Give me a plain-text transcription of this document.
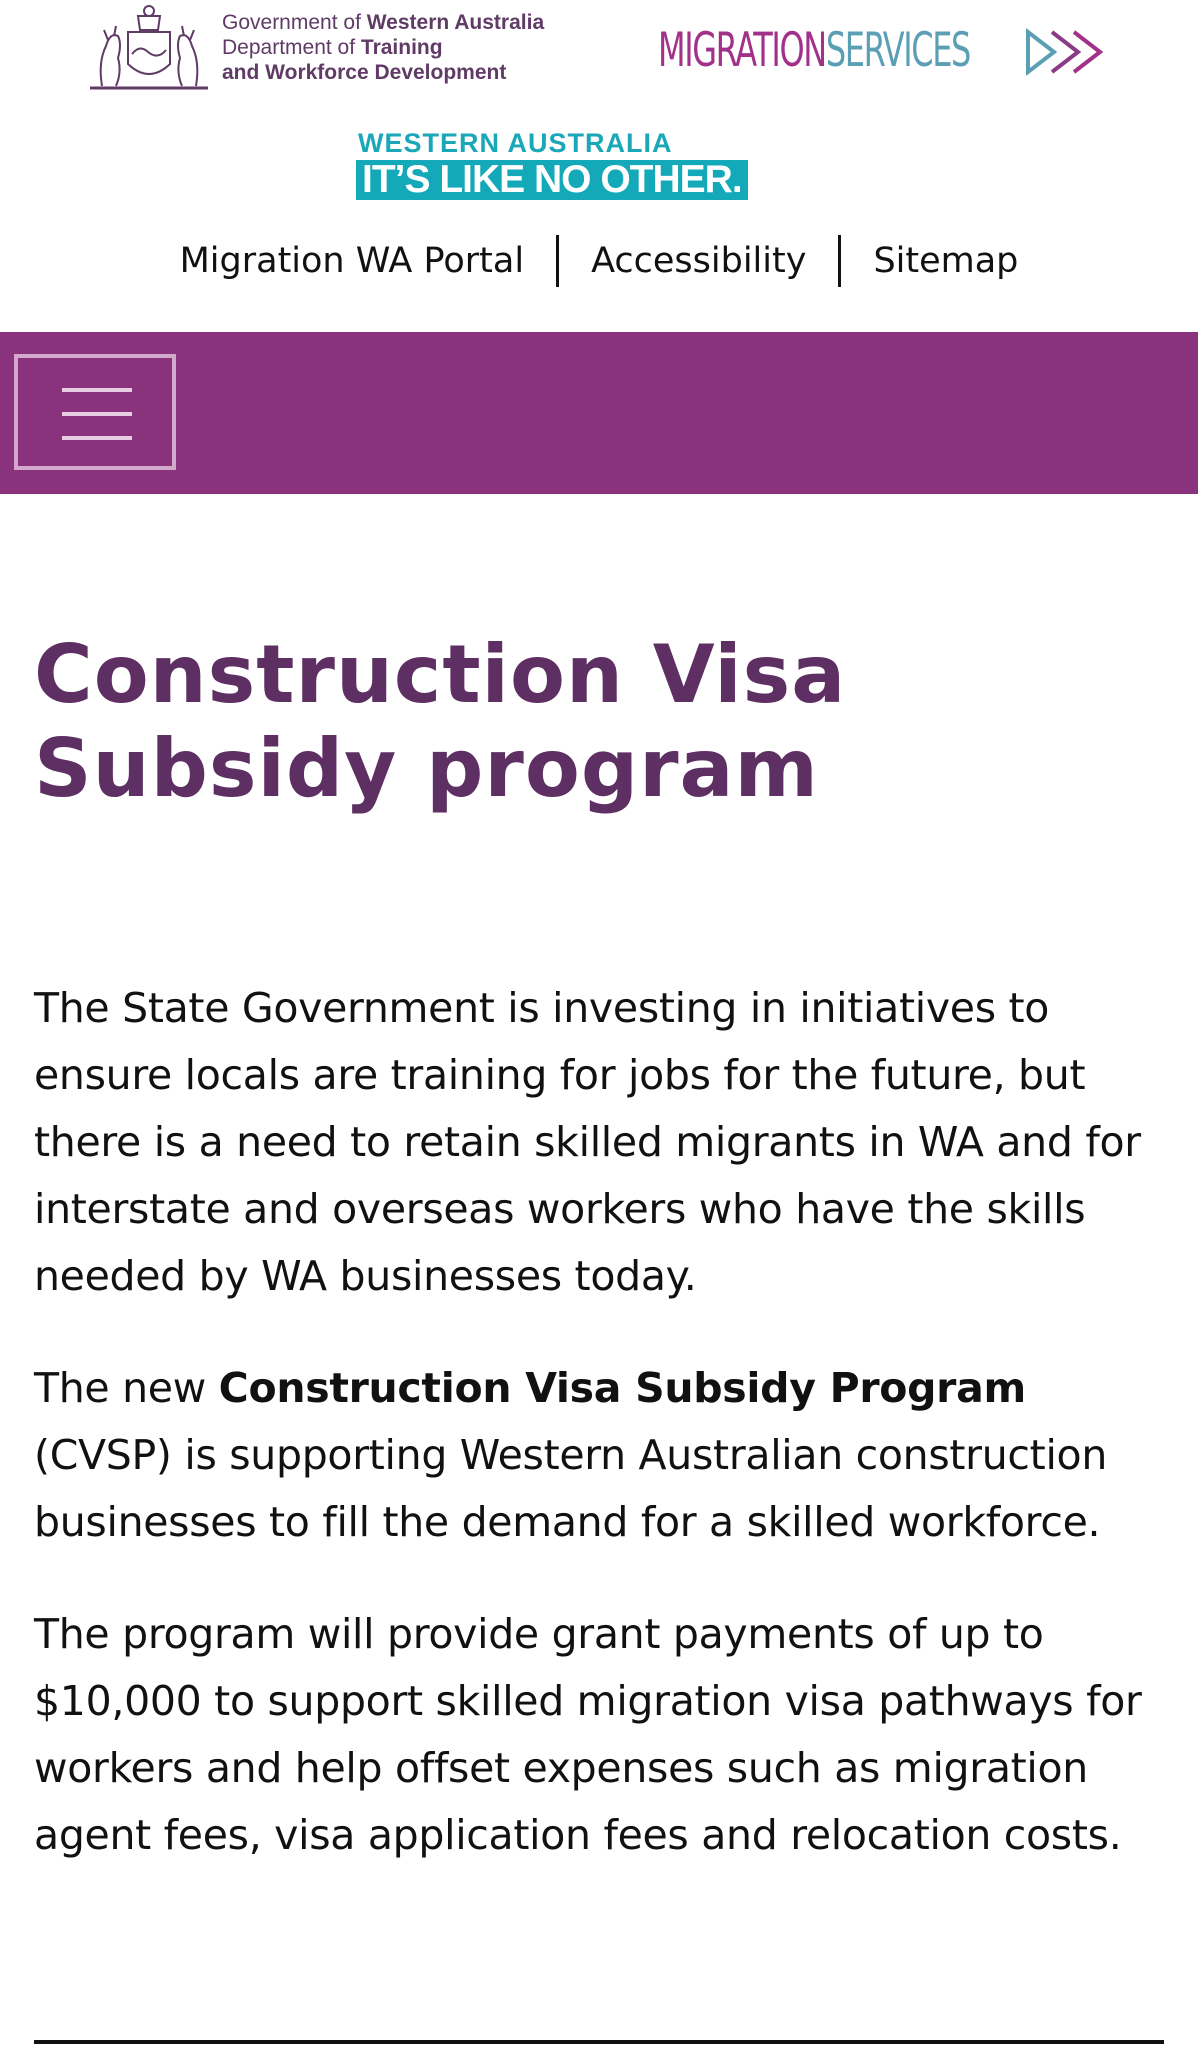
Government of Western Australia
Department of Training
and Workforce Development	MIGRATIONSERVICES
WESTERN AUSTRALIA
IT’S LIKE NO OTHER.
Migration WA Portal	Accessibility	Sitemap
Construction Visa Subsidy program

The State Government is investing in initiatives to ensure locals are training for jobs for the future, but there is a need to retain skilled migrants in WA and for interstate and overseas workers who have the skills needed by WA businesses today.

The new Construction Visa Subsidy Program (CVSP) is supporting Western Australian construction businesses to fill the demand for a skilled workforce.

The program will provide grant payments of up to $10,000 to support skilled migration visa pathways for workers and help offset expenses such as migration agent fees, visa application fees and relocation costs.
